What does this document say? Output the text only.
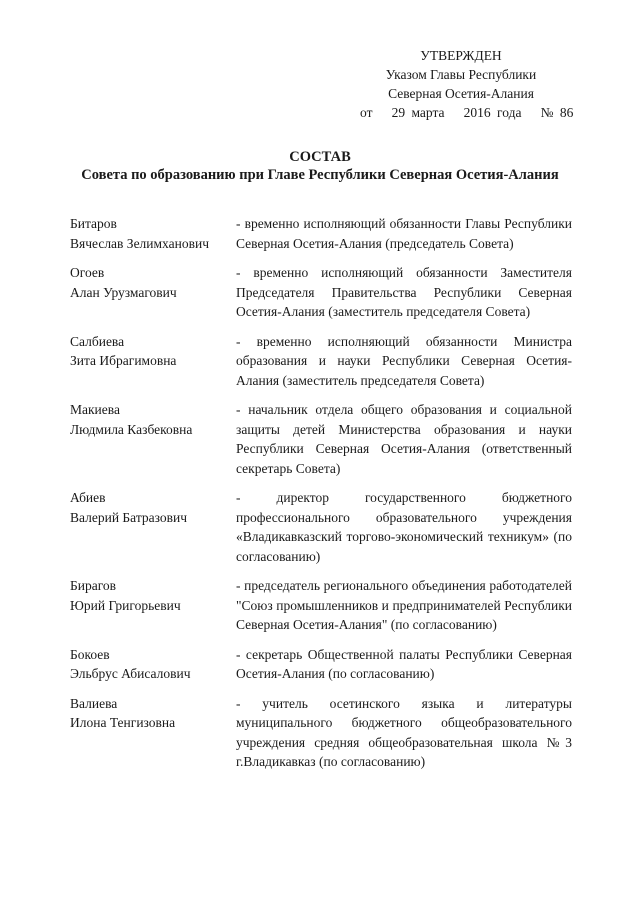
УТВЕРЖДЕН
Указом Главы Республики
Северная Осетия-Алания
от   29 марта   2016 года   № 86
СОСТАВ
Совета по образованию при Главе Республики Северная Осетия-Алания
Битаров
Вячеслав Зелимханович
- временно исполняющий обязанности Главы Республики Северная Осетия-Алания (председатель Совета)
Огоев
Алан Урузмагович
- временно исполняющий обязанности Заместителя Председателя Правительства Республики Северная Осетия-Алания (заместитель председателя Совета)
Салбиева
Зита Ибрагимовна
- временно исполняющий обязанности Министра образования и науки Республики Северная Осетия-Алания (заместитель председателя Совета)
Макиева
Людмила Казбековна
- начальник отдела общего образования и социальной защиты детей Министерства образования и науки Республики Северная Осетия-Алания (ответственный секретарь Совета)
Абиев
Валерий Батразович
- директор государственного бюджетного профессионального образовательного учреждения «Владикавказский торгово-экономический техникум» (по согласованию)
Бирагов
Юрий Григорьевич
- председатель регионального объединения работодателей "Союз промышленников и предпринимателей Республики Северная Осетия-Алания" (по согласованию)
Бокоев
Эльбрус Абисалович
- секретарь Общественной палаты Республики Северная Осетия-Алания (по согласованию)
Валиева
Илона Тенгизовна
- учитель осетинского языка и литературы муниципального бюджетного общеобразовательного учреждения средняя общеобразовательная школа №3 г.Владикавказ (по согласованию)
